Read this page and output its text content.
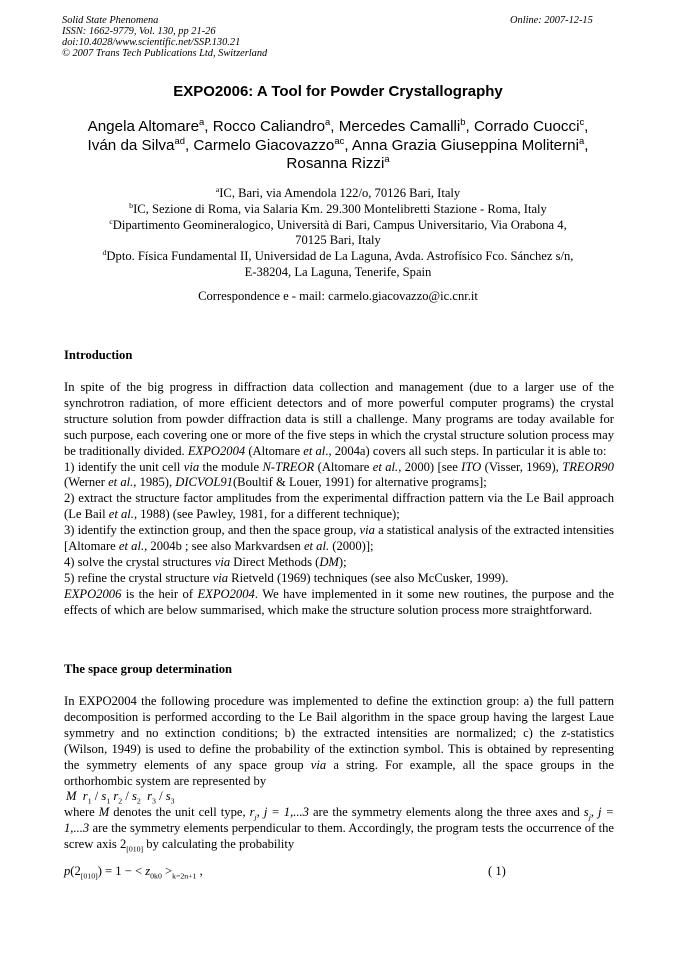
Solid State Phenomena
ISSN: 1662-9779, Vol. 130, pp 21-26
doi:10.4028/www.scientific.net/SSP.130.21
© 2007 Trans Tech Publications Ltd, Switzerland
Online: 2007-12-15
EXPO2006: A Tool for Powder Crystallography
Angela Altomare$^a$, Rocco Caliandro$^a$, Mercedes Camalli$^b$, Corrado Cuocci$^c$,
Iván da Silva$^{ad}$, Carmelo Giacovazzo$^{ac}$, Anna Grazia Giuseppina Moliterni$^a$,
Rosanna Rizzi$^a$
$^a$IC, Bari, via Amendola 122/o, 70126 Bari, Italy
$^b$IC, Sezione di Roma, via Salaria Km. 29.300 Montelibretti Stazione - Roma, Italy
$^c$Dipartimento Geomineralogico, Università di Bari, Campus Universitario, Via Orabona 4,
70125 Bari, Italy
$^d$Dpto. Física Fundamental II, Universidad de La Laguna, Avda. Astrofísico Fco. Sánchez s/n,
E-38204, La Laguna, Tenerife, Spain
Correspondence e - mail: carmelo.giacovazzo@ic.cnr.it
Introduction

In spite of the big progress in diffraction data collection and management (due to a larger use of the synchrotron radiation, of more efficient detectors and of more powerful computer programs) the crystal structure solution from powder diffraction data is still a challenge. Many programs are today available for such purpose, each covering one or more of the five steps in which the crystal structure solution process may be traditionally divided. EXPO2004 (Altomare et al., 2004a) covers all such steps. In particular it is able to:

1) identify the unit cell via the module N-TREOR (Altomare et al., 2000) [see ITO (Visser, 1969), TREOR90 (Werner et al., 1985), DICVOL91(Boultif & Louer, 1991) for alternative programs];

2) extract the structure factor amplitudes from the experimental diffraction pattern via the Le Bail approach (Le Bail et al., 1988) (see Pawley, 1981, for a different technique);

3) identify the extinction group, and then the space group, via a statistical analysis of the extracted intensities [Altomare et al., 2004b ; see also Markvardsen et al. (2000)];

4) solve the crystal structures via Direct Methods (DM);

5) refine the crystal structure via Rietveld (1969) techniques (see also McCusker, 1999).

EXPO2006 is the heir of EXPO2004. We have implemented in it some new routines, the purpose and the effects of which are below summarised, which make the structure solution process more straightforward.

The space group determination

In EXPO2004 the following procedure was implemented to define the extinction group: a) the full pattern decomposition is performed according to the Le Bail algorithm in the space group having the largest Laue symmetry and no extinction conditions; b) the extracted intensities are normalized; c) the z-statistics (Wilson, 1949) is used to define the probability of the extinction symbol. This is obtained by representing the symmetry elements of any space group via a string. For example, all the space groups in the orthorhombic system are represented by

M $r_1 / s_1$ $r_2 / s_2$ $r_3 / s_3$

where M denotes the unit cell type, $r_j$, j = 1,...3 are the symmetry elements along the three axes and $s_j$, j = 1,...3 are the symmetry elements perpendicular to them. Accordingly, the program tests the occurrence of the screw axis $2_{[010]}$ by calculating the probability

$p(2_{[010]}) = 1$ − < $z_{0k0} >_{k=2n+1}$ ,	( 1)
